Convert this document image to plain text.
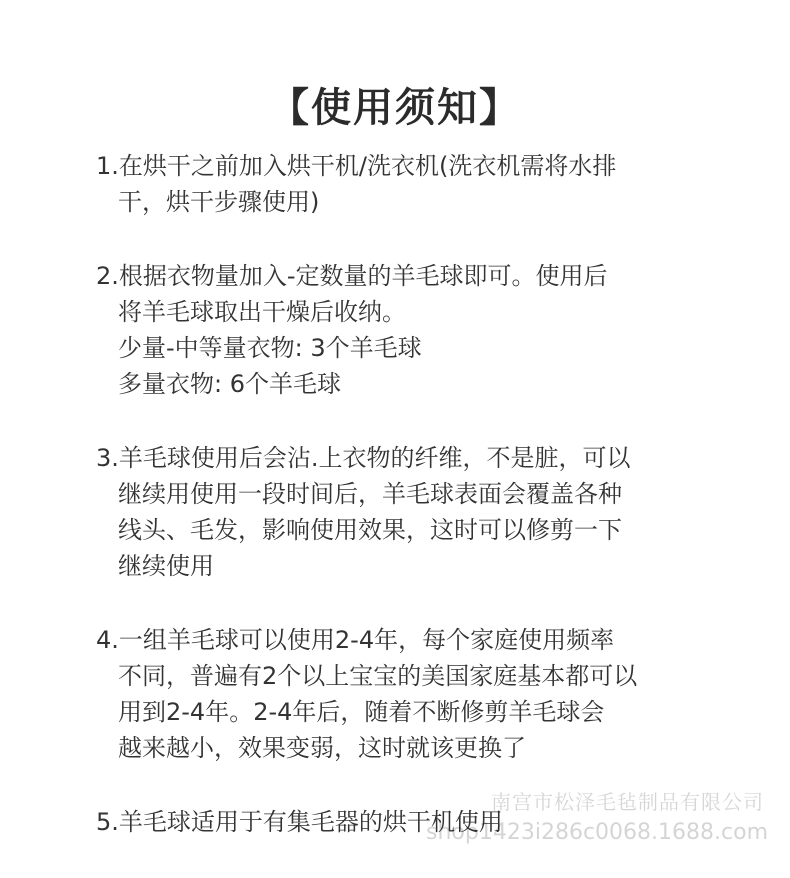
【使用须知】
1.在烘干之前加入烘干机/洗衣机(洗衣机需将水排
干，烘干步骤使用)
2.根据衣物量加入-定数量的羊毛球即可。使用后
将羊毛球取出干燥后收纳。
少量-中等量衣物: 3个羊毛球
多量衣物: 6个羊毛球
3.羊毛球使用后会沾.上衣物的纤维，不是脏，可以
继续用使用一段时间后，羊毛球表面会覆盖各种
线头、毛发，影响使用效果，这时可以修剪一下
继续使用
4.一组羊毛球可以使用2-4年，每个家庭使用频率
不同，普遍有2个以上宝宝的美国家庭基本都可以
用到2-4年。2-4年后，随着不断修剪羊毛球会
越来越小，效果变弱，这时就该更换了
5.羊毛球适用于有集毛器的烘干机使用
南宫市松泽毛毡制品有限公司
shop1423i286c0068.1688.com
